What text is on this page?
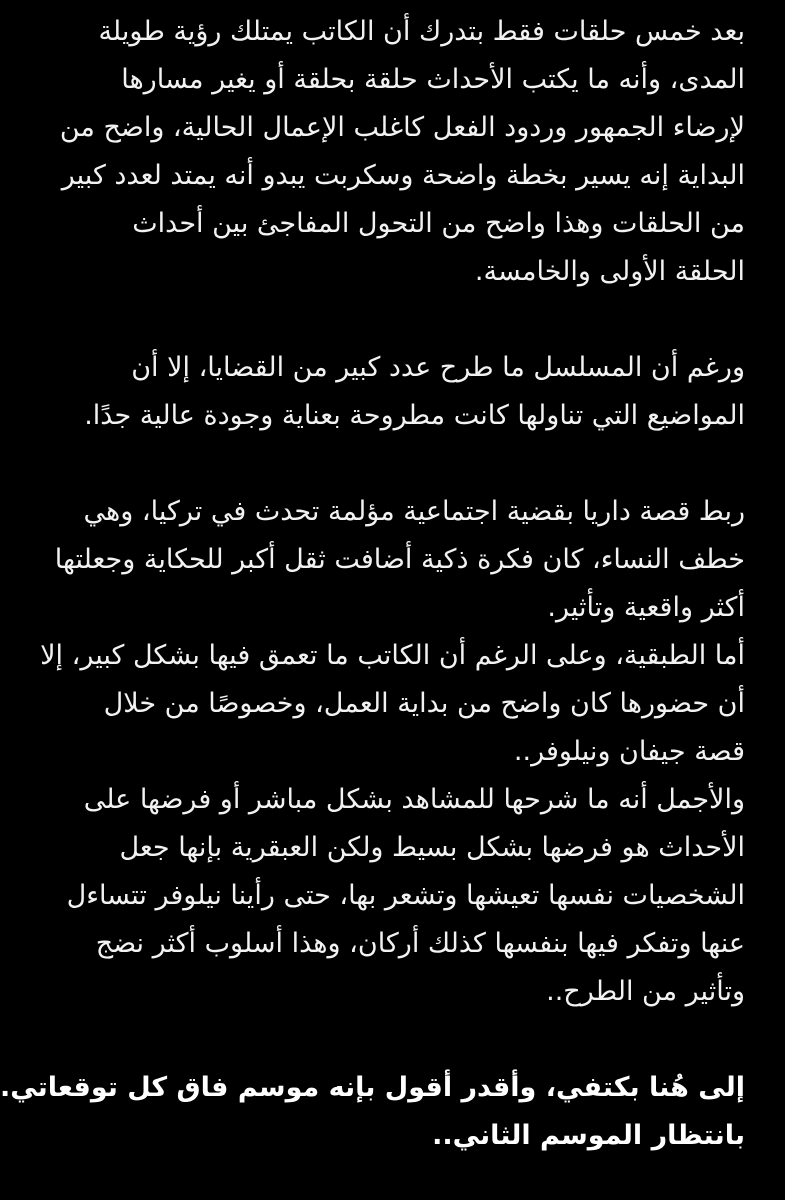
بعد خمس حلقات فقط بتدرك أن الكاتب يمتلك رؤية طويلة
المدى، وأنه ما يكتب الأحداث حلقة بحلقة أو يغير مسارها
لإرضاء الجمهور وردود الفعل كاغلب الإعمال الحالية، واضح من
البداية إنه يسير بخطة واضحة وسكربت يبدو أنه يمتد لعدد كبير
من الحلقات وهذا واضح من التحول المفاجئ بين أحداث
الحلقة الأولى والخامسة.
ورغم أن المسلسل ما طرح عدد كبير من القضايا، إلا أن
المواضيع التي تناولها كانت مطروحة بعناية وجودة عالية جدًا.
ربط قصة داريا بقضية اجتماعية مؤلمة تحدث في تركيا، وهي
خطف النساء، كان فكرة ذكية أضافت ثقل أكبر للحكاية وجعلتها
أكثر واقعية وتأثير.
أما الطبقية، وعلى الرغم أن الكاتب ما تعمق فيها بشكل كبير، إلا
أن حضورها كان واضح من بداية العمل، وخصوصًا من خلال
قصة جيفان ونيلوفر..
والأجمل أنه ما شرحها للمشاهد بشكل مباشر أو فرضها على
الأحداث هو فرضها بشكل بسيط ولكن العبقرية بإنها جعل
الشخصيات نفسها تعيشها وتشعر بها، حتى رأينا نيلوفر تتساءل
عنها وتفكر فيها بنفسها كذلك أركان، وهذا أسلوب أكثر نضج
وتأثير من الطرح..
إلى هُنا بكتفي، وأقدر أقول بإنه موسم فاق كل توقعاتي.
بانتظار الموسم الثاني..
